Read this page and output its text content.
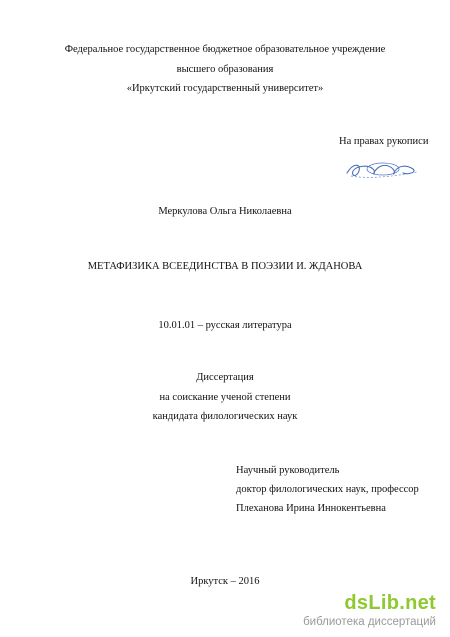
Федеральное государственное бюджетное образовательное учреждение
высшего образования
«Иркутский государственный университет»
На правах рукописи
Меркулова Ольга Николаевна
МЕТАФИЗИКА ВСЕЕДИНСТВА В ПОЭЗИИ И. ЖДАНОВА
10.01.01 – русская литература
Диссертация
на соискание ученой степени
кандидата филологических наук
Научный руководитель
доктор филологических наук, профессор
Плеханова Ирина Иннокентьевна
Иркутск – 2016
dsLib.net
библиотека диссертаций
